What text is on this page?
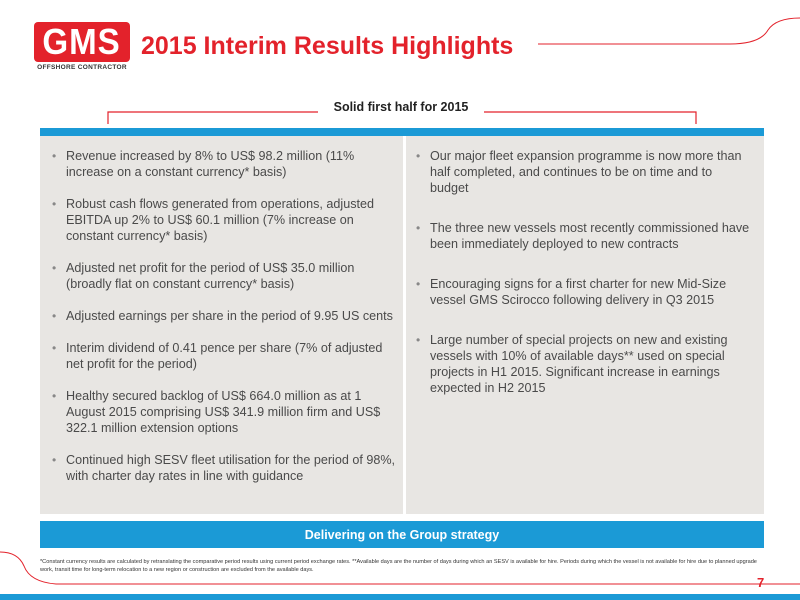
GMS
OFFSHORE CONTRACTOR
2015 Interim Results Highlights
Solid first half for 2015
• Revenue increased by 8% to US$ 98.2 million (11% increase on a constant currency* basis)
• Robust cash flows generated from operations, adjusted EBITDA up 2% to US$ 60.1 million (7% increase on constant currency* basis)
• Adjusted net profit for the period of US$ 35.0 million (broadly flat on constant currency* basis)
• Adjusted earnings per share in the period of 9.95 US cents
• Interim dividend of 0.41 pence per share (7% of adjusted net profit for the period)
• Healthy secured backlog of US$ 664.0 million as at 1 August 2015 comprising US$ 341.9 million firm and US$ 322.1 million extension options
• Continued high SESV fleet utilisation for the period of 98%, with charter day rates in line with guidance
• Our major fleet expansion programme is now more than half completed, and continues to be on time and to budget
• The three new vessels most recently commissioned have been immediately deployed to new contracts
• Encouraging signs for a first charter for new Mid-Size vessel GMS Scirocco following delivery in Q3 2015
• Large number of special projects on new and existing vessels with 10% of available days** used on special projects in H1 2015. Significant increase in earnings expected in H2 2015
Delivering on the Group strategy
*Constant currency results are calculated by retranslating the comparative period results using current period exchange rates. **Available days are the number of days during which an SESV is available for hire. Periods during which the vessel is not available for hire due to planned upgrade work, transit time for long-term relocation to a new region or construction are excluded from the available days.
7
